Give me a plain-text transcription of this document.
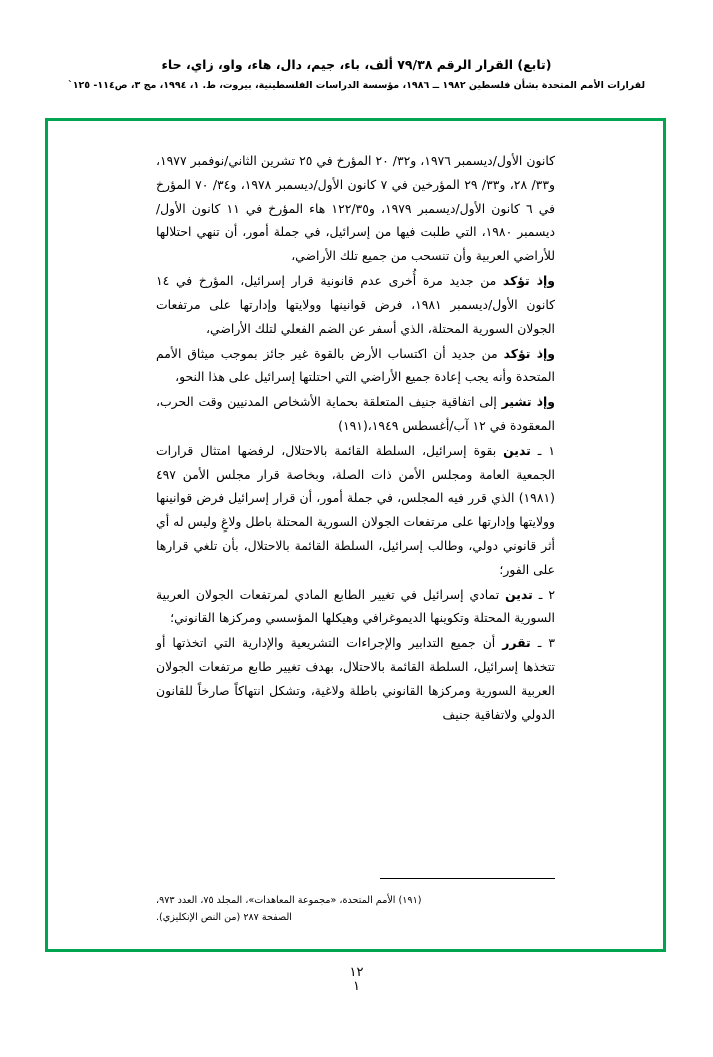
(تابع) القرار الرقم ٧٩/٣٨ ألف، باء، جيم، دال، هاء، واو، زاي، حاء
لقرارات الأمم المتحدة بشأن فلسطين ١٩٨٢ ــ ١٩٨٦، مؤسسة الدراسات الفلسطينية، بيروت، ط. ١، ١٩٩٤، مج ٣، ص١١٤- ١٢٥`

كانون الأول/ديسمبر ١٩٧٦، و٣٢/ ٢٠ المؤرخ في ٢٥ تشرين الثاني/نوفمبر ١٩٧٧، و٣٣/ ٢٨، و٣٣/ ٢٩ المؤرخين في ٧ كانون الأول/ديسمبر ١٩٧٨، و٣٤/ ٧٠ المؤرخ في ٦ كانون الأول/ديسمبر ١٩٧٩، و١٢٢/٣٥ هاء المؤرخ في ١١ كانون الأول/ديسمبر ١٩٨٠، التي طلبت فيها من إسرائيل، في جملة أمور، أن تنهي احتلالها للأراضي العربية وأن تنسحب من جميع تلك الأراضي،

وإذ تؤكد من جديد مرة أُخرى عدم قانونية قرار إسرائيل، المؤرخ في ١٤ كانون الأول/ديسمبر ١٩٨١، فرض قوانينها وولايتها وإدارتها على مرتفعات الجولان السورية المحتلة، الذي أسفر عن الضم الفعلي لتلك الأراضي،

وإذ تؤكد من جديد أن اكتساب الأرض بالقوة غير جائز بموجب ميثاق الأمم المتحدة وأنه يجب إعادة جميع الأراضي التي احتلتها إسرائيل على هذا النحو،

وإذ تشير إلى اتفاقية جنيف المتعلقة بحماية الأشخاص المدنيين وقت الحرب، المعقودة في ١٢ آب/أغسطس ١٩٤٩،(١٩١)

١ ـ تدين بقوة إسرائيل، السلطة القائمة بالاحتلال، لرفضها امتثال قرارات الجمعية العامة ومجلس الأمن ذات الصلة، وبخاصة قرار مجلس الأمن ٤٩٧ (١٩٨١) الذي قرر فيه المجلس، في جملة أمور، أن قرار إسرائيل فرض قوانينها وولايتها وإدارتها على مرتفعات الجولان السورية المحتلة باطل ولاغٍ وليس له أي أثر قانوني دولي، وطالب إسرائيل، السلطة القائمة بالاحتلال، بأن تلغي قرارها على الفور؛

٢ ـ تدين تمادي إسرائيل في تغيير الطابع المادي لمرتفعات الجولان العربية السورية المحتلة وتكوينها الديموغرافي وهيكلها المؤسسي ومركزها القانوني؛

٣ ـ تقرر أن جميع التدابير والإجراءات التشريعية والإدارية التي اتخذتها أو تتخذها إسرائيل، السلطة القائمة بالاحتلال، بهدف تغيير طابع مرتفعات الجولان العربية السورية ومركزها القانوني باطلة ولاغية، وتشكل انتهاكاً صارخاً للقانون الدولي ولاتفاقية جنيف

(١٩١) الأمم المتحدة، «مجموعة المعاهدات»، المجلد ٧٥، العدد ٩٧٣،
الصفحة ٢٨٧ (من النص الإنكليزي).
١٢
١
